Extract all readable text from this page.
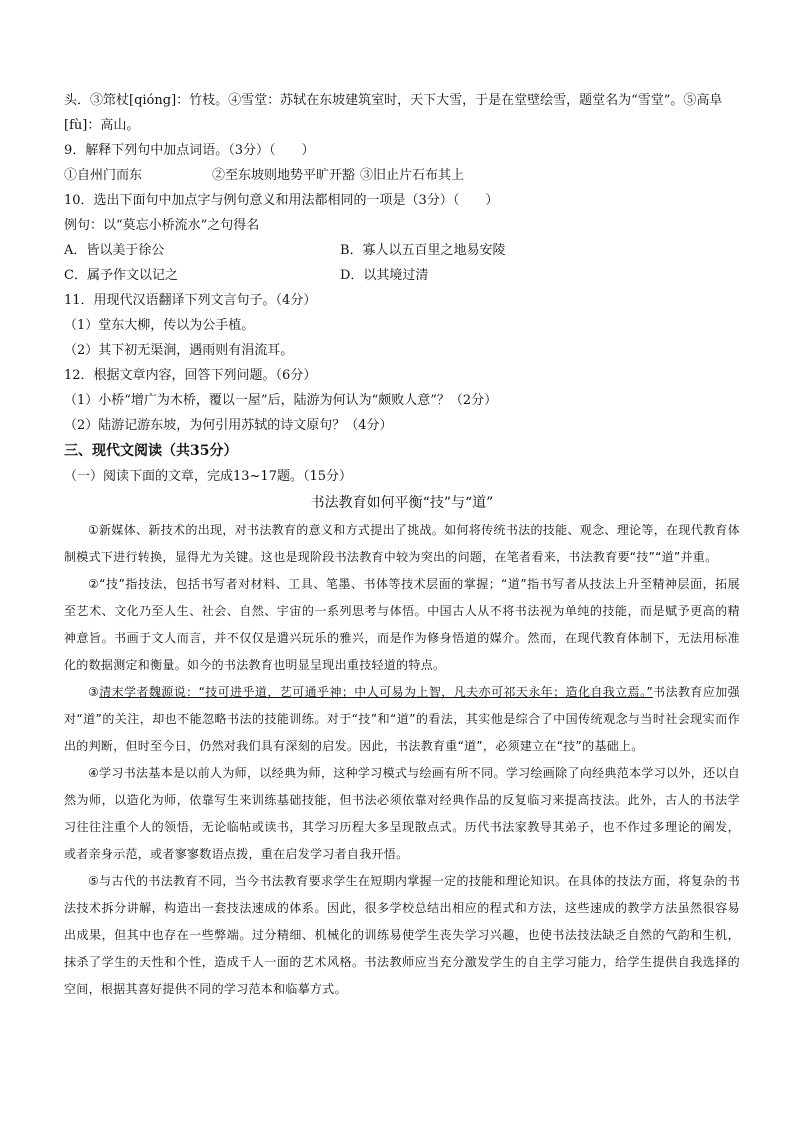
头．③筇杖[qióng]：竹枝。④雪堂：苏轼在东坡建筑室时，天下大雪，于是在堂壁绘雪，题堂名为“雪堂”。⑤高阜
[fù]：高山。
9．解释下列句中加点词语。（3分）（　　）
①自州门而东	②至东坡则地势平旷开豁 ③旧止片石布其上
10．选出下面句中加点字与例句意义和用法都相同的一项是（3分）（　　）
例句：以“莫忘小桥流水”之句得名
A．皆以美于徐公	B．寡人以五百里之地易安陵
C．属予作文以记之	D．以其境过清
11．用现代汉语翻译下列文言句子。（4分）
（1）堂东大柳，传以为公手植。
（2）其下初无渠涧，遇雨则有涓流耳。
12．根据文章内容，回答下列问题。（6分）
（1）小桥“增广为木桥，覆以一屋”后，陆游为何认为“颇败人意”？（2分）
（2）陆游记游东坡，为何引用苏轼的诗文原句？（4分）
三、现代文阅读（共35分）
（一）阅读下面的文章，完成13~17题。（15分）
书法教育如何平衡“技”与“道”
①新媒体、新技术的出现，对书法教育的意义和方式提出了挑战。如何将传统书法的技能、观念、理论等，在现代教育体制模式下进行转换，显得尤为关键。这也是现阶段书法教育中较为突出的问题，在笔者看来，书法教育要“技”“道”并重。
②“技”指技法，包括书写者对材料、工具、笔墨、书体等技术层面的掌握；“道”指书写者从技法上升至精神层面，拓展至艺术、文化乃至人生、社会、自然、宇宙的一系列思考与体悟。中国古人从不将书法视为单纯的技能，而是赋予更高的精神意旨。书画于文人而言，并不仅仅是遣兴玩乐的雅兴，而是作为修身悟道的媒介。然而，在现代教育体制下，无法用标准化的数据测定和衡量。如今的书法教育也明显呈现出重技轻道的特点。
③清末学者魏源说：“技可进乎道，艺可通乎神；中人可易为上智，凡夫亦可祁天永年；造化自我立焉。”书法教育应加强对“道”的关注，却也不能忽略书法的技能训练。对于“技”和“道”的看法，其实他是综合了中国传统观念与当时社会现实而作出的判断，但时至今日，仍然对我们具有深刻的启发。因此，书法教育重“道”，必须建立在“技”的基础上。
④学习书法基本是以前人为师，以经典为师，这种学习模式与绘画有所不同。学习绘画除了向经典范本学习以外，还以自然为师，以造化为师，依靠写生来训练基础技能，但书法必须依靠对经典作品的反复临习来提高技法。此外，古人的书法学习往往注重个人的领悟，无论临帖或读书，其学习历程大多呈现散点式。历代书法家教导其弟子，也不作过多理论的阐发，或者亲身示范，或者寥寥数语点拨，重在启发学习者自我开悟。
⑤与古代的书法教育不同，当今书法教育要求学生在短期内掌握一定的技能和理论知识。在具体的技法方面，将复杂的书法技术拆分讲解，构造出一套技法速成的体系。因此，很多学校总结出相应的程式和方法，这些速成的教学方法虽然很容易出成果，但其中也存在一些弊端。过分精细、机械化的训练易使学生丧失学习兴趣，也使书法技法缺乏自然的气韵和生机，抹杀了学生的天性和个性，造成千人一面的艺术风格。书法教师应当充分激发学生的自主学习能力，给学生提供自我选择的空间，根据其喜好提供不同的学习范本和临摹方式。
